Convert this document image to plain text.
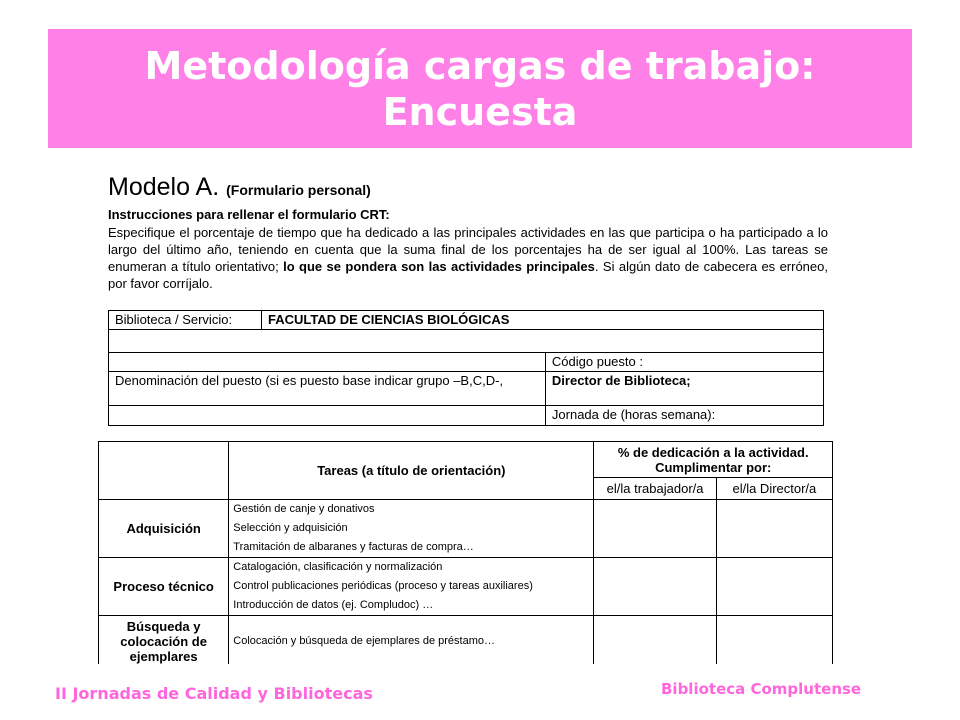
Metodología cargas de trabajo:
Encuesta
Modelo A. (Formulario personal)
Instrucciones para rellenar el formulario CRT:
Especifique el porcentaje de tiempo que ha dedicado a las principales actividades en las que participa o ha participado a lo largo del último año, teniendo en cuenta que la suma final de los porcentajes ha de ser igual al 100%. Las tareas se enumeran a título orientativo; lo que se pondera son las actividades principales. Si algún dato de cabecera es erróneo, por favor corríjalo.
Biblioteca / Servicio:	FACULTAD DE CIENCIAS BIOLÓGICAS	

		Código puesto :
Denominación del puesto (si es puesto base indicar grupo –B,C,D-,		Director de Biblioteca;
		Jornada de (horas semana):
	Tareas (a título de orientación)	% de dedicación a la actividad. Cumplimentar por:	
		el/la trabajador/a	el/la Director/a
Adquisición	Gestión de canje y donativos
Selección y adquisición
Tramitación de albaranes y facturas de compra…		

Proceso técnico	Catalogación, clasificación y normalización
Control publicaciones periódicas (proceso y tareas auxiliares)
Introducción de datos (ej. Compludoc) …		

Búsqueda y colocación de ejemplares	Colocación y búsqueda de ejemplares de préstamo…		

II Jornadas de Calidad y Bibliotecas	Biblioteca Complutense
